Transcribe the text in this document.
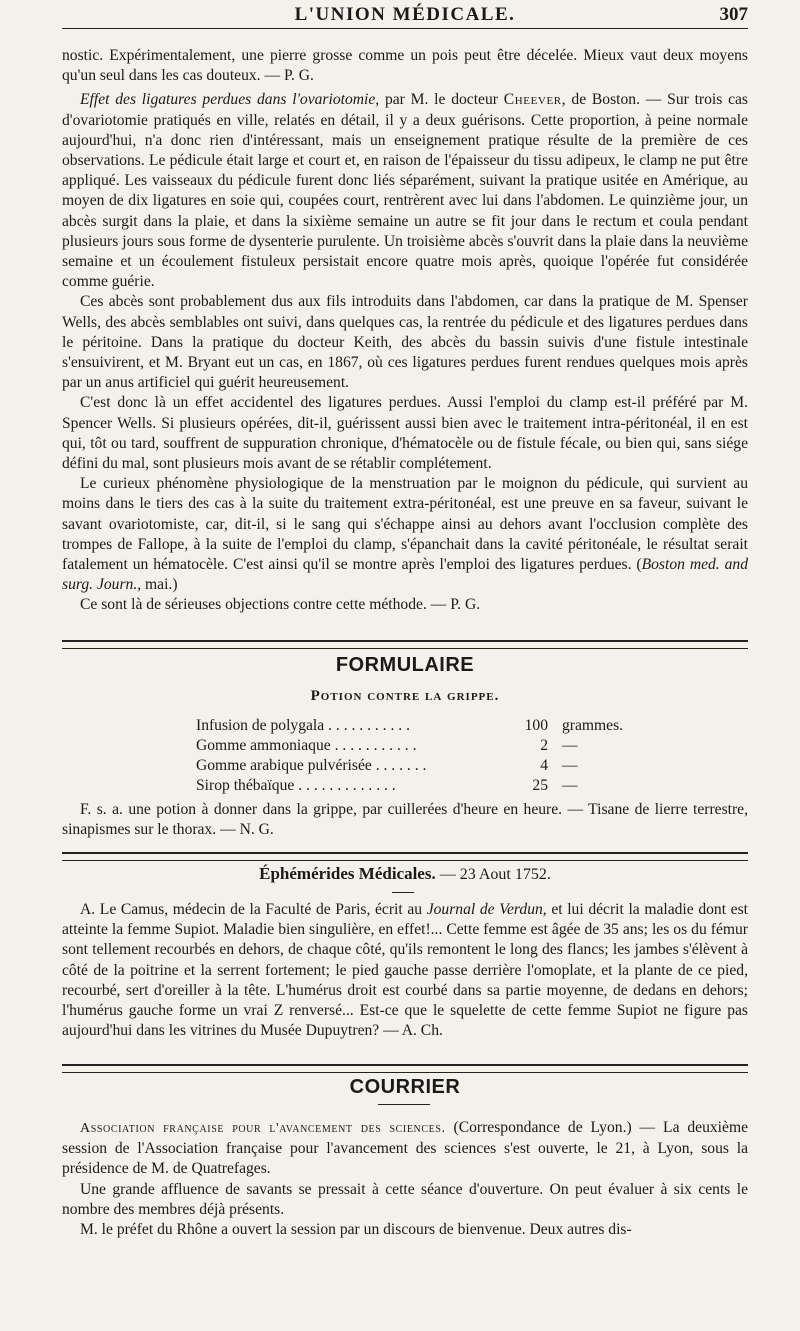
L'UNION MÉDICALE.	307

nostic. Expérimentalement, une pierre grosse comme un pois peut être décelée. Mieux vaut deux moyens qu'un seul dans les cas douteux. — P. G.

Effet des ligatures perdues dans l'ovariotomie, par M. le docteur Cheever, de Boston. — Sur trois cas d'ovariotomie pratiqués en ville, relatés en détail, il y a deux guérisons. Cette proportion, à peine normale aujourd'hui, n'a donc rien d'intéressant, mais un enseignement pratique résulte de la première de ces observations. Le pédicule était large et court et, en raison de l'épaisseur du tissu adipeux, le clamp ne put être appliqué. Les vaisseaux du pédicule furent donc liés séparément, suivant la pratique usitée en Amérique, au moyen de dix ligatures en soie qui, coupées court, rentrèrent avec lui dans l'abdomen. Le quinzième jour, un abcès surgit dans la plaie, et dans la sixième semaine un autre se fit jour dans le rectum et coula pendant plusieurs jours sous forme de dysenterie purulente. Un troisième abcès s'ouvrit dans la plaie dans la neuvième semaine et un écoulement fistuleux persistait encore quatre mois après, quoique l'opérée fut considérée comme guérie.

Ces abcès sont probablement dus aux fils introduits dans l'abdomen, car dans la pratique de M. Spenser Wells, des abcès semblables ont suivi, dans quelques cas, la rentrée du pédicule et des ligatures perdues dans le péritoine. Dans la pratique du docteur Keith, des abcès du bassin suivis d'une fistule intestinale s'ensuivirent, et M. Bryant eut un cas, en 1867, où ces ligatures perdues furent rendues quelques mois après par un anus artificiel qui guérit heureusement.

C'est donc là un effet accidentel des ligatures perdues. Aussi l'emploi du clamp est-il préféré par M. Spencer Wells. Si plusieurs opérées, dit-il, guérissent aussi bien avec le traitement intra-péritonéal, il en est qui, tôt ou tard, souffrent de suppuration chronique, d'hématocèle ou de fistule fécale, ou bien qui, sans siége défini du mal, sont plusieurs mois avant de se rétablir complétement.

Le curieux phénomène physiologique de la menstruation par le moignon du pédicule, qui survient au moins dans le tiers des cas à la suite du traitement extra-péritonéal, est une preuve en sa faveur, suivant le savant ovariotomiste, car, dit-il, si le sang qui s'échappe ainsi au dehors avant l'occlusion complète des trompes de Fallope, à la suite de l'emploi du clamp, s'épanchait dans la cavité péritonéale, le résultat serait fatalement un hématocèle. C'est ainsi qu'il se montre après l'emploi des ligatures perdues. (Boston med. and surg. Journ., mai.)

Ce sont là de sérieuses objections contre cette méthode. — P. G.

FORMULAIRE
Potion contre la grippe.
Infusion de polygala . . . . . . . . . . .	100 grammes.
Gomme ammoniaque . . . . . . . . . . .	2 —
Gomme arabique pulvérisée . . . . . . .	4 —
Sirop thébaïque . . . . . . . . . . . . .	25 —

F. s. a. une potion à donner dans la grippe, par cuillerées d'heure en heure. — Tisane de lierre terrestre, sinapismes sur le thorax. — N. G.

Éphémérides Médicales. — 23 Aout 1752.

A. Le Camus, médecin de la Faculté de Paris, écrit au Journal de Verdun, et lui décrit la maladie dont est atteinte la femme Supiot. Maladie bien singulière, en effet!... Cette femme est âgée de 35 ans; les os du fémur sont tellement recourbés en dehors, de chaque côté, qu'ils remontent le long des flancs; les jambes s'élèvent à côté de la poitrine et la serrent fortement; le pied gauche passe derrière l'omoplate, et la plante de ce pied, recourbé, sert d'oreiller à la tête. L'humérus droit est courbé dans sa partie moyenne, de dedans en dehors; l'humérus gauche forme un vrai Z renversé... Est-ce que le squelette de cette femme Supiot ne figure pas aujourd'hui dans les vitrines du Musée Dupuytren? — A. Ch.

COURRIER

Association française pour l'avancement des sciences. (Correspondance de Lyon.) — La deuxième session de l'Association française pour l'avancement des sciences s'est ouverte, le 21, à Lyon, sous la présidence de M. de Quatrefages.

Une grande affluence de savants se pressait à cette séance d'ouverture. On peut évaluer à six cents le nombre des membres déjà présents.

M. le préfet du Rhône a ouvert la session par un discours de bienvenue. Deux autres dis-
